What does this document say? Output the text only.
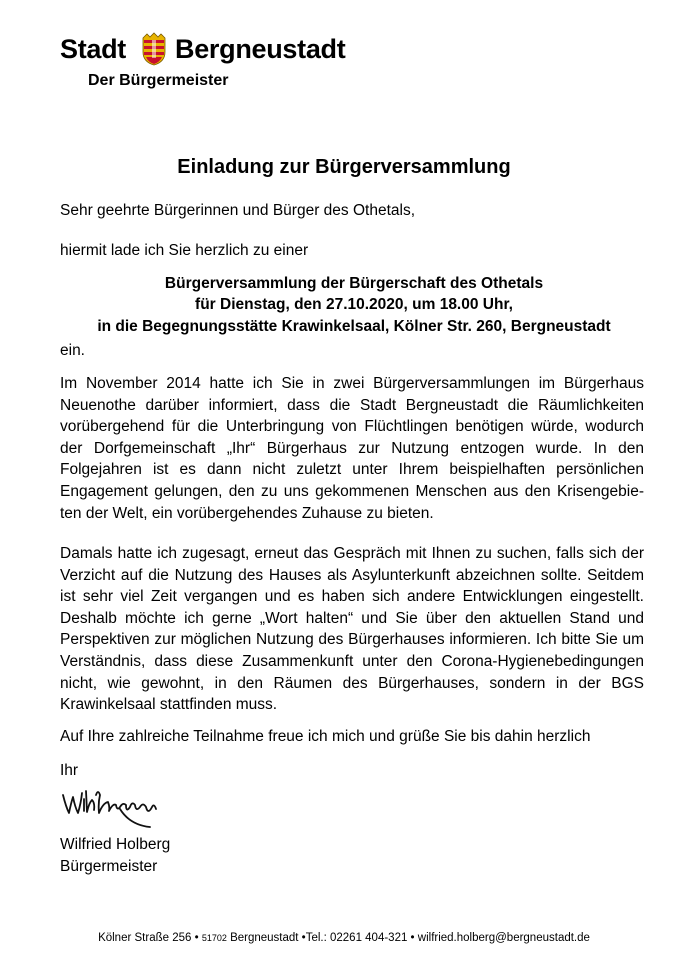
Stadt Bergneustadt
Der Bürgermeister
Einladung zur Bürgerversammlung
Sehr geehrte Bürgerinnen und Bürger des Othetals,
hiermit lade ich Sie herzlich zu einer
Bürgerversammlung der Bürgerschaft des Othetals
für Dienstag, den 27.10.2020, um 18.00 Uhr,
in die Begegnungsstätte Krawinkelsaal, Kölner Str. 260, Bergneustadt
ein.
Im November 2014 hatte ich Sie in zwei Bürgerversammlungen im Bürgerhaus Neuenothe darüber informiert, dass die Stadt Bergneustadt die Räumlichkeiten vorübergehend für die Unterbringung von Flüchtlingen benötigen würde, wodurch der Dorfgemeinschaft „Ihr“ Bürgerhaus zur Nutzung entzogen wurde. In den Folgejahren ist es dann nicht zuletzt unter Ihrem beispielhaften persönlichen Engagement gelungen, den zu uns gekommenen Menschen aus den Krisengebie-ten der Welt, ein vorübergehendes Zuhause zu bieten.
Damals hatte ich zugesagt, erneut das Gespräch mit Ihnen zu suchen, falls sich der Verzicht auf die Nutzung des Hauses als Asylunterkunft abzeichnen sollte. Seitdem ist sehr viel Zeit vergangen und es haben sich andere Entwicklungen eingestellt. Deshalb möchte ich gerne „Wort halten“ und Sie über den aktuellen Stand und Perspektiven zur möglichen Nutzung des Bürgerhauses informieren. Ich bitte Sie um Verständnis, dass diese Zusammenkunft unter den Corona-Hygienebedingungen nicht, wie gewohnt, in den Räumen des Bürgerhauses, sondern in der BGS Krawinkelsaal stattfinden muss.
Auf Ihre zahlreiche Teilnahme freue ich mich und grüße Sie bis dahin herzlich
Ihr
Wilfried Holberg
Bürgermeister
Kölner Straße 256 • 51702 Bergneustadt •Tel.: 02261 404-321 • wilfried.holberg@bergneustadt.de
